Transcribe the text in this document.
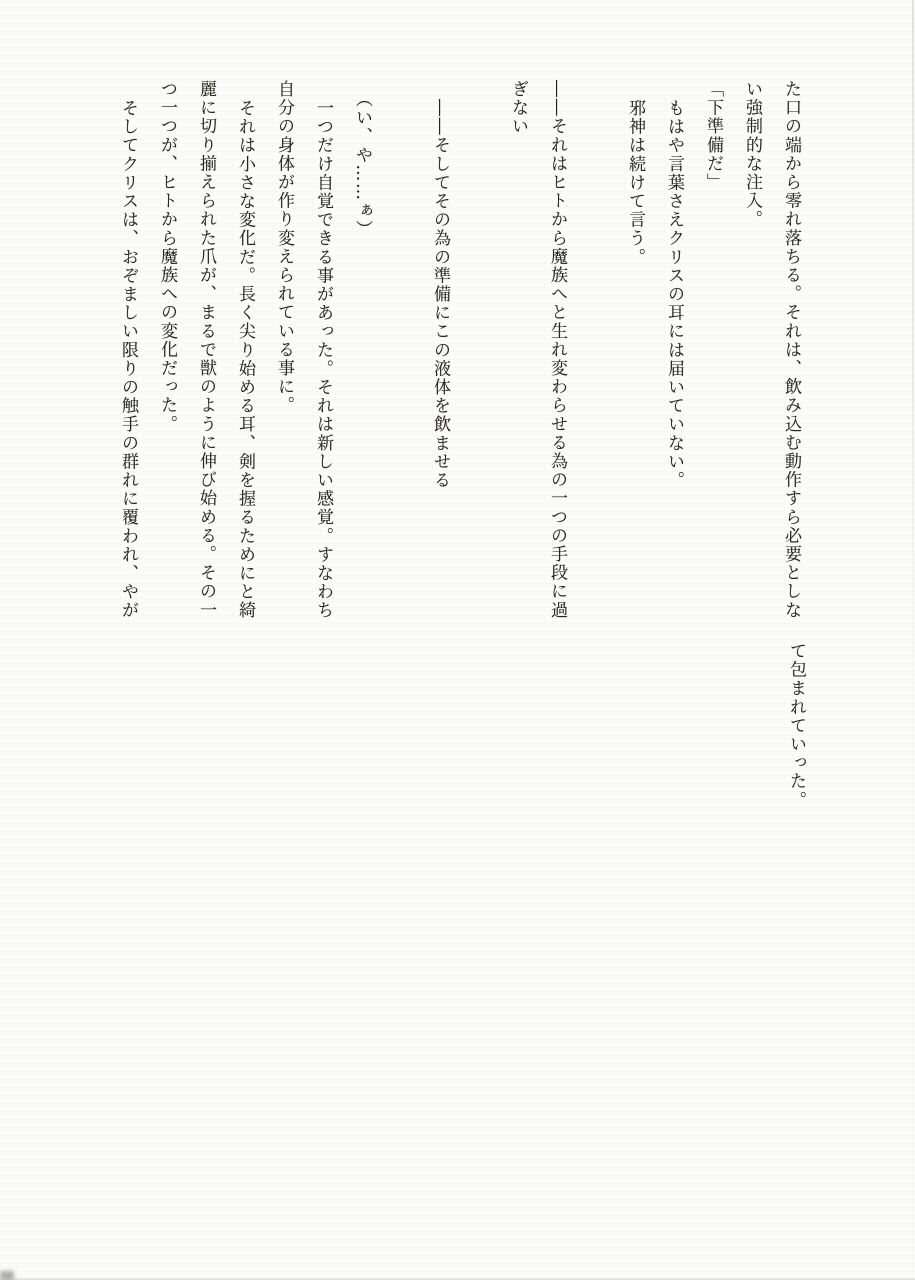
た口の端から零れ落ちる。それは、飲み込む動作すら必要としな
い強制的な注入。
「下準備だ」
もはや言葉さえクリスの耳には届いていない。
邪神は続けて言う。
――それはヒトから魔族へと生れ変わらせる為の一つの手段に過
ぎない
――そしてその為の準備にこの液体を飲ませる
（い、や……ぁ）
一つだけ自覚できる事があった。それは新しい感覚。すなわち
自分の身体が作り変えられている事に。
それは小さな変化だ。長く尖り始める耳、剣を握るためにと綺
麗に切り揃えられた爪が、まるで獣のように伸び始める。その一
つ一つが、ヒトから魔族への変化だった。
そしてクリスは、おぞましい限りの触手の群れに覆われ、やが
て包まれていった。
